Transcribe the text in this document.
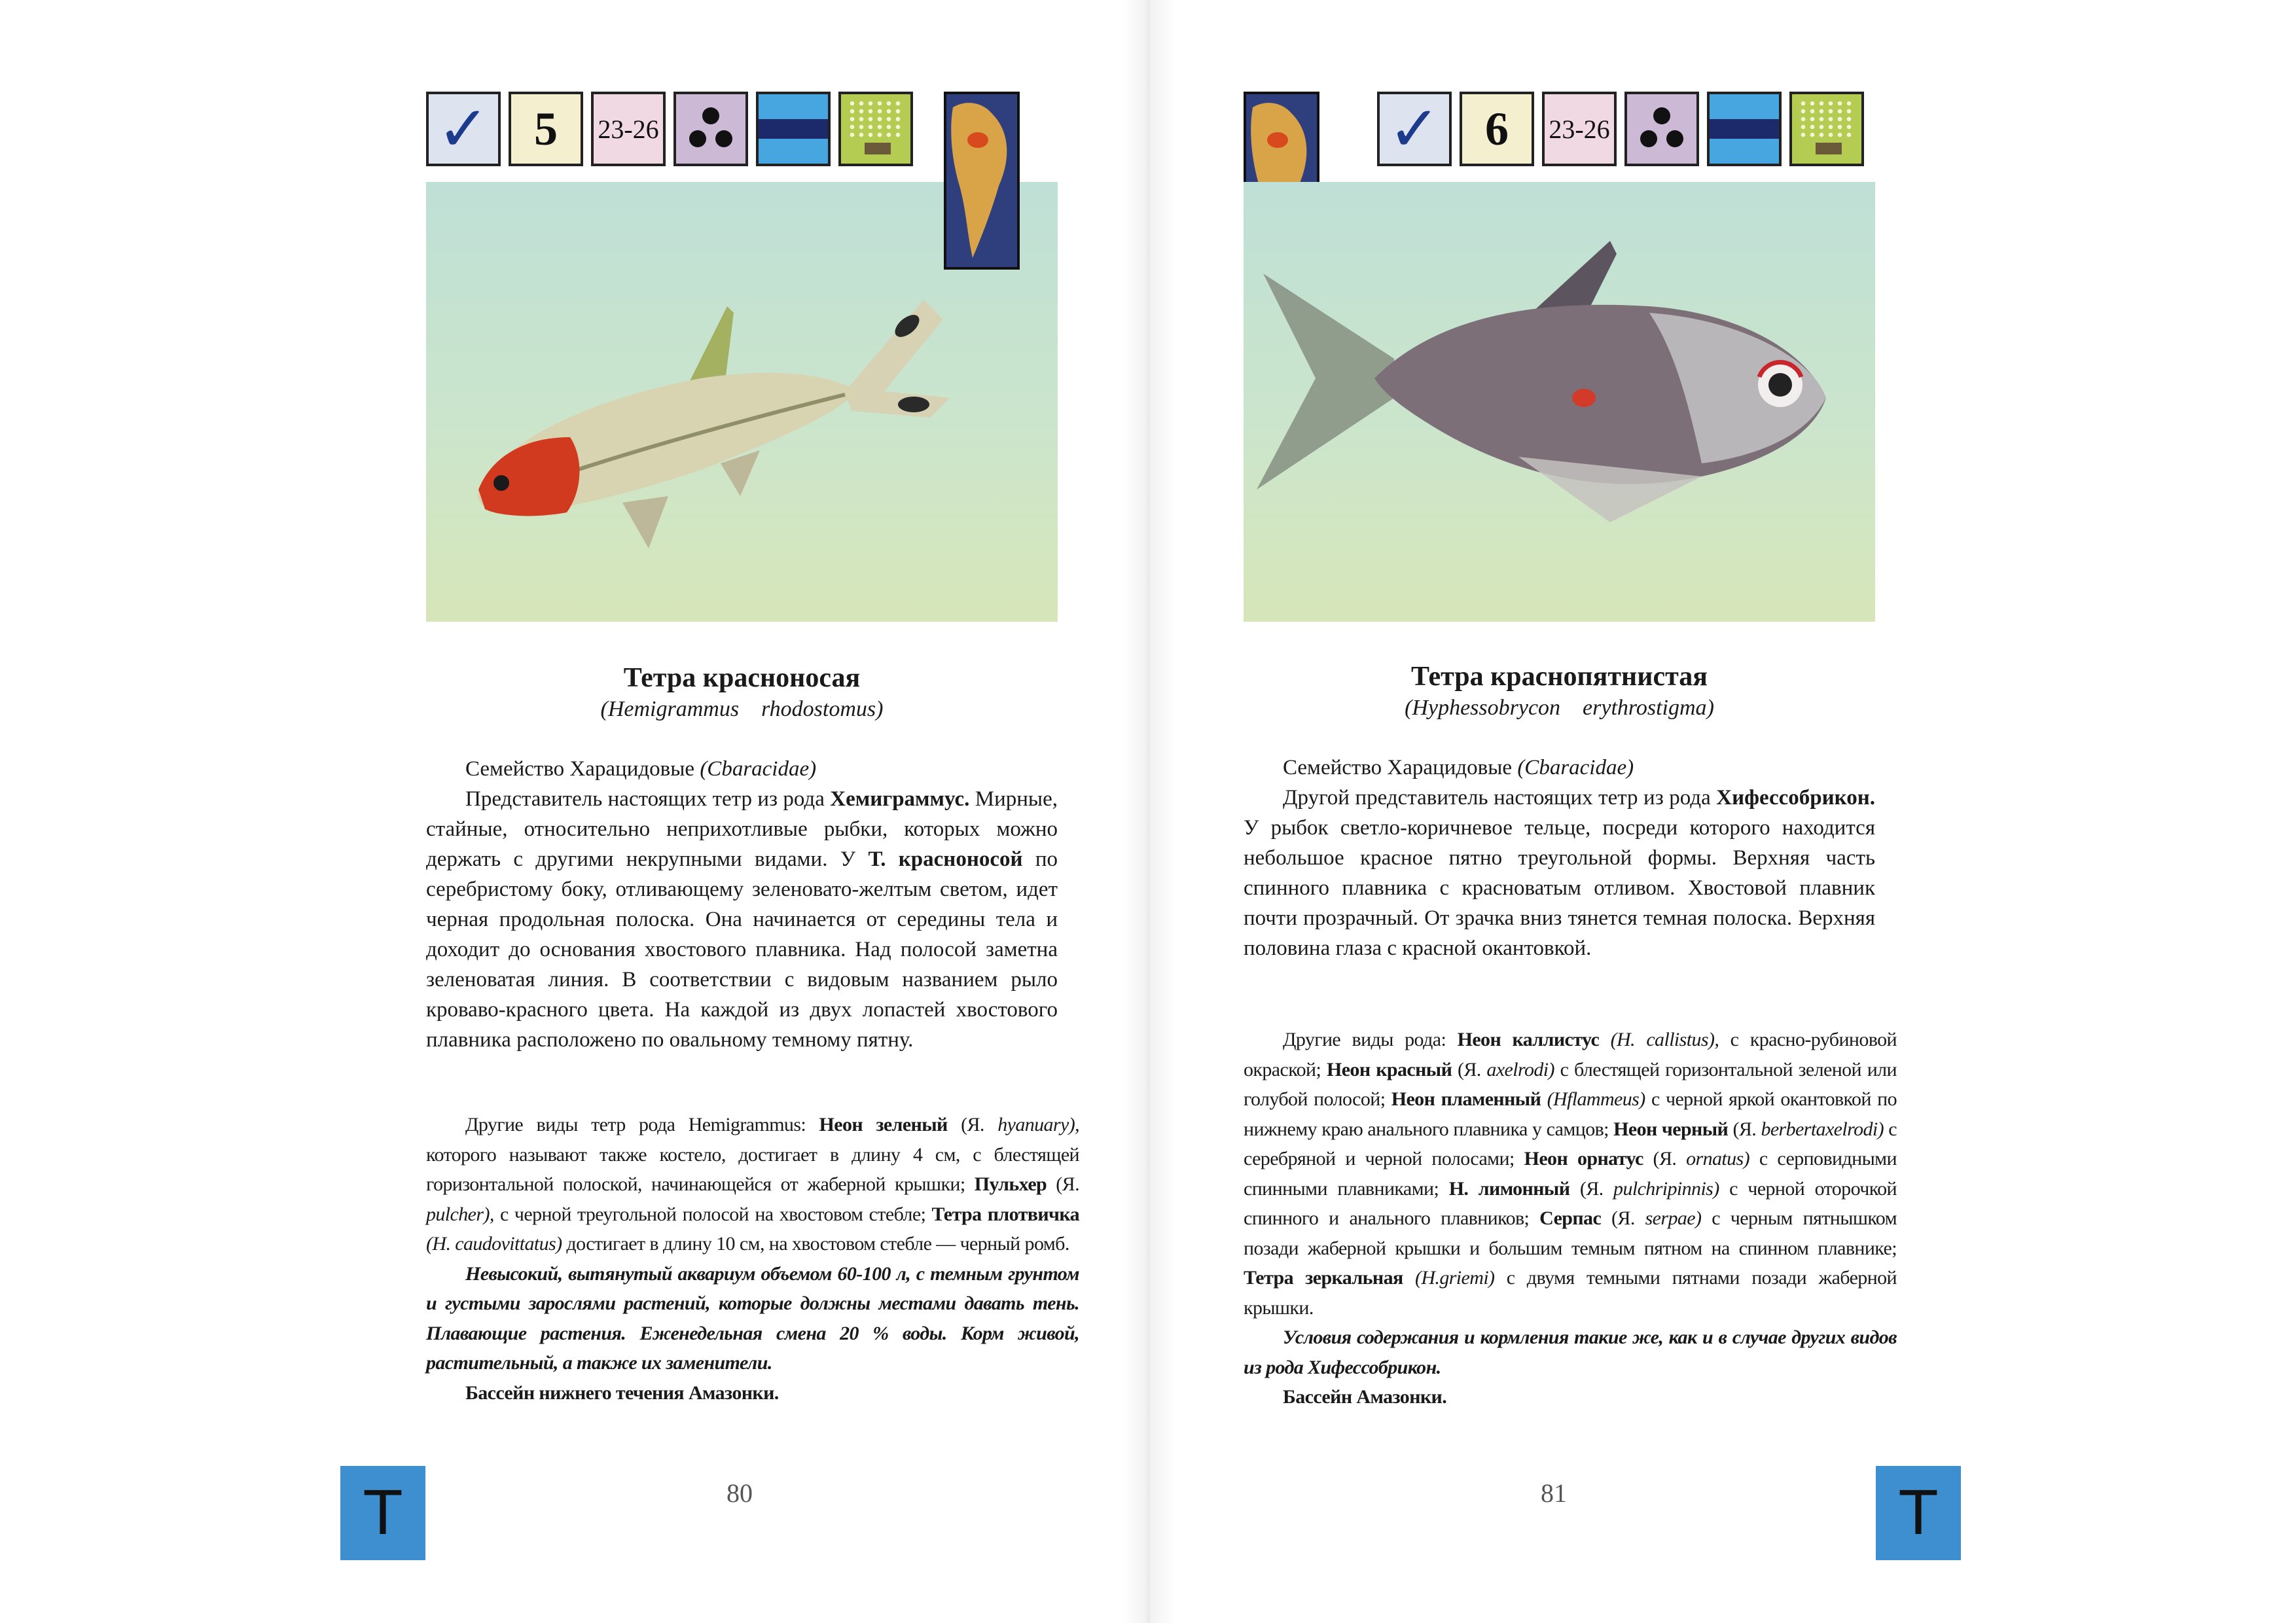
✓ 5 23-26
Тетра красноносая
(Hemigrammus rhodostomus)

Семейство Харацидовые (Cbaracidae)

Представитель настоящих тетр из рода Хемиграммус. Мирные, стайные, относительно неприхотливые рыбки, которых можно держать с другими некрупными видами. У Т. красноносой по серебристому боку, отливающему зеленовато-желтым светом, идет черная продольная полоска. Она начинается от середины тела и доходит до основания хвостового плавника. Над полосой заметна зеленоватая линия. В соответствии с видовым названием рыло кроваво-красного цвета. На каждой из двух лопастей хвостового плавника расположено по овальному темному пятну.

Другие виды тетр рода Hemigrammus: Неон зеленый (Я. hyanuary), которого называют также костело, достигает в длину 4 см, с блестящей горизонтальной полоской, начинающейся от жаберной крышки; Пульхер (Я. pulcher), с черной треугольной полосой на хвостовом стебле; Тетра плотвичка (H. caudovittatus) достигает в длину 10 см, на хвостовом стебле — черный ромб.

Невысокий, вытянутый аквариум объемом 60-100 л, с темным грунтом и густыми зарослями растений, которые должны местами давать тень. Плавающие растения. Еженедельная смена 20 % воды. Корм живой, растительный, а также их заменители.

Бассейн нижнего течения Амазонки.

T	80
✓ 6 23-26
Тетра краснопятнистая
(Hyphessobrycon erythrostigma)

Семейство Харацидовые (Cbaracidae)

Другой представитель настоящих тетр из рода Хифессобрикон. У рыбок светло-коричневое тельце, посреди которого находится небольшое красное пятно треугольной формы. Верхняя часть спинного плавника с красноватым отливом. Хвостовой плавник почти прозрачный. От зрачка вниз тянется темная полоска. Верхняя половина глаза с красной окантовкой.

Другие виды рода: Неон каллистус (H. callistus), с красно-рубиновой окраской; Неон красный (Я. axelrodi) с блестящей горизонтальной зеленой или голубой полосой; Неон пламенный (Hflammeus) с черной яркой окантовкой по нижнему краю анального плавника у самцов; Неон черный (Я. berbertaxelrodi) с серебряной и черной полосами; Неон орнатус (Я. ornatus) с серповидными спинными плавниками; Н. лимонный (Я. pulchripinnis) с черной оторочкой спинного и анального плавников; Серпас (Я. serpae) с черным пятнышком позади жаберной крышки и большим темным пятном на спинном плавнике; Тетра зеркальная (H.griemi) с двумя темными пятнами позади жаберной крышки.

Условия содержания и кормления такие же, как и в случае других видов из рода Хифессобрикон.

Бассейн Амазонки.

T
81
